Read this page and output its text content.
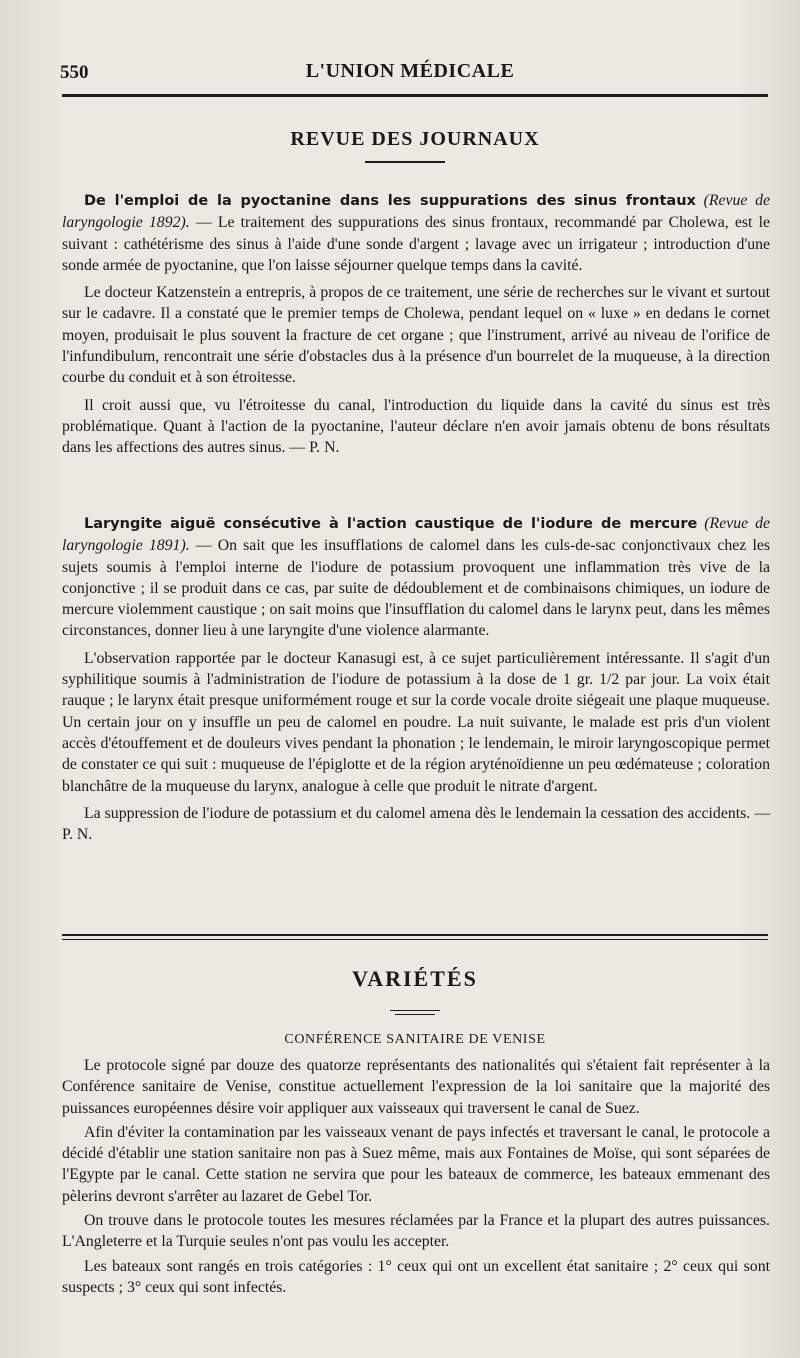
550	L'UNION MÉDICALE
REVUE DES JOURNAUX

De l'emploi de la pyoctanine dans les suppurations des sinus frontaux (Revue de laryngologie 1892). — Le traitement des suppurations des sinus frontaux, recommandé par Cholewa, est le suivant : cathétérisme des sinus à l'aide d'une sonde d'argent ; lavage avec un irrigateur ; introduction d'une sonde armée de pyoctanine, que l'on laisse séjourner quelque temps dans la cavité.

Le docteur Katzenstein a entrepris, à propos de ce traitement, une série de recherches sur le vivant et surtout sur le cadavre. Il a constaté que le premier temps de Cholewa, pendant lequel on « luxe » en dedans le cornet moyen, produisait le plus souvent la fracture de cet organe ; que l'instrument, arrivé au niveau de l'orifice de l'infundibulum, rencontrait une série d'obstacles dus à la présence d'un bourrelet de la muqueuse, à la direction courbe du conduit et à son étroitesse.

Il croit aussi que, vu l'étroitesse du canal, l'introduction du liquide dans la cavité du sinus est très problématique. Quant à l'action de la pyoctanine, l'auteur déclare n'en avoir jamais obtenu de bons résultats dans les affections des autres sinus. — P. N.

Laryngite aiguë consécutive à l'action caustique de l'iodure de mercure (Revue de laryngologie 1891). — On sait que les insufflations de calomel dans les culs-de-sac conjonctivaux chez les sujets soumis à l'emploi interne de l'iodure de potassium provoquent une inflammation très vive de la conjonctive ; il se produit dans ce cas, par suite de dédoublement et de combinaisons chimiques, un iodure de mercure violemment caustique ; on sait moins que l'insufflation du calomel dans le larynx peut, dans les mêmes circonstances, donner lieu à une laryngite d'une violence alarmante.

L'observation rapportée par le docteur Kanasugi est, à ce sujet particulièrement intéressante. Il s'agit d'un syphilitique soumis à l'administration de l'iodure de potassium à la dose de 1 gr. 1/2 par jour. La voix était rauque ; le larynx était presque uniformément rouge et sur la corde vocale droite siégeait une plaque muqueuse. Un certain jour on y insuffle un peu de calomel en poudre. La nuit suivante, le malade est pris d'un violent accès d'étouffement et de douleurs vives pendant la phonation ; le lendemain, le miroir laryngoscopique permet de constater ce qui suit : muqueuse de l'épiglotte et de la région aryténoïdienne un peu œdémateuse ; coloration blanchâtre de la muqueuse du larynx, analogue à celle que produit le nitrate d'argent.

La suppression de l'iodure de potassium et du calomel amena dès le lendemain la cessation des accidents. — P. N.

VARIÉTÉS
CONFÉRENCE SANITAIRE DE VENISE

Le protocole signé par douze des quatorze représentants des nationalités qui s'étaient fait représenter à la Conférence sanitaire de Venise, constitue actuellement l'expression de la loi sanitaire que la majorité des puissances européennes désire voir appliquer aux vaisseaux qui traversent le canal de Suez.

Afin d'éviter la contamination par les vaisseaux venant de pays infectés et traversant le canal, le protocole a décidé d'établir une station sanitaire non pas à Suez même, mais aux Fontaines de Moïse, qui sont séparées de l'Egypte par le canal. Cette station ne servira que pour les bateaux de commerce, les bateaux emmenant des pèlerins devront s'arrêter au lazaret de Gebel Tor.

On trouve dans le protocole toutes les mesures réclamées par la France et la plupart des autres puissances. L'Angleterre et la Turquie seules n'ont pas voulu les accepter.

Les bateaux sont rangés en trois catégories : 1° ceux qui ont un excellent état sanitaire ; 2° ceux qui sont suspects ; 3° ceux qui sont infectés.
